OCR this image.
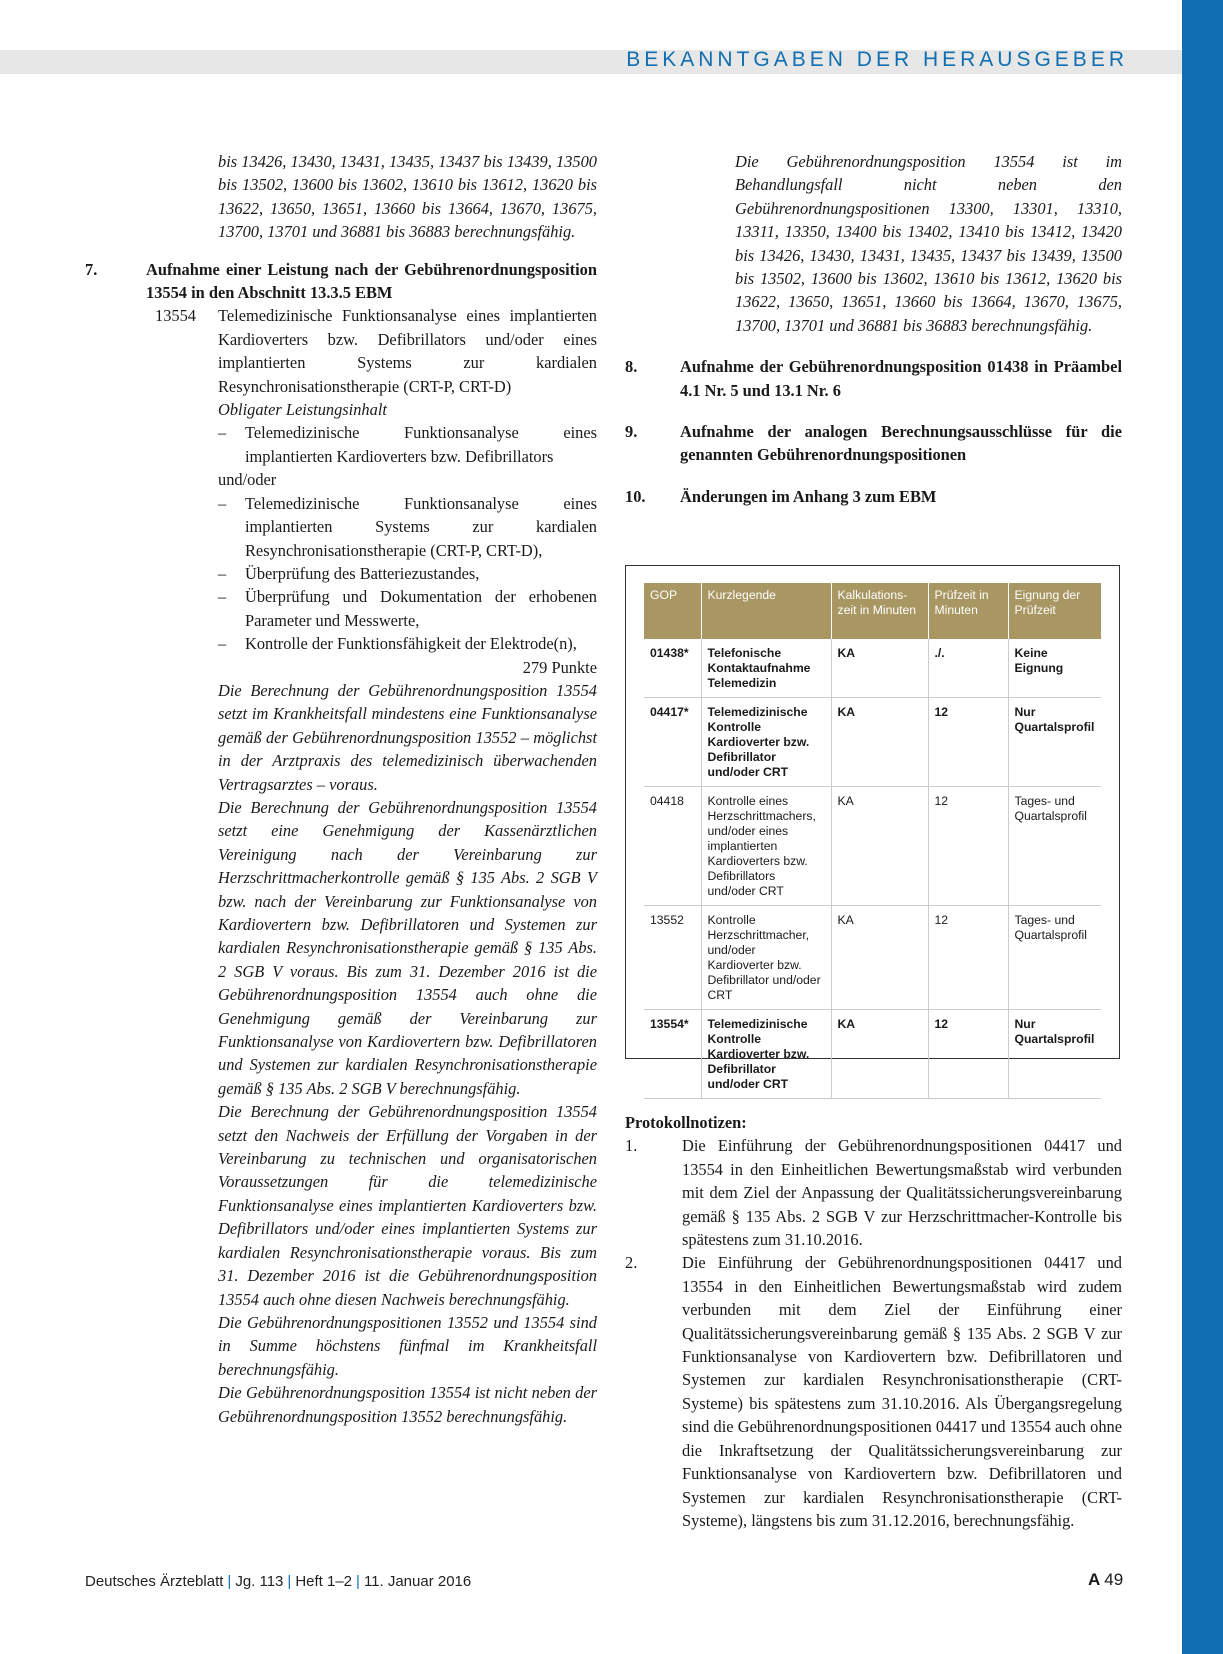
BEKANNTGABEN DER HERAUSGEBER
bis 13426, 13430, 13431, 13435, 13437 bis 13439, 13500 bis 13502, 13600 bis 13602, 13610 bis 13612, 13620 bis 13622, 13650, 13651, 13660 bis 13664, 13670, 13675, 13700, 13701 und 36881 bis 36883 berechnungsfähig.
7.	Aufnahme einer Leistung nach der Gebührenordnungsposition 13554 in den Abschnitt 13.3.5 EBM
13554	Telemedizinische Funktionsanalyse eines implantierten Kardioverters bzw. Defibrillators und/oder eines implantierten Systems zur kardialen Resynchronisationstherapie (CRT-P, CRT-D)
Obligater Leistungsinhalt
–	Telemedizinische Funktionsanalyse eines implantierten Kardioverters bzw. Defibrillators
und/oder
–	Telemedizinische Funktionsanalyse eines implantierten Systems zur kardialen Resynchronisationstherapie (CRT-P, CRT-D),
–	Überprüfung des Batteriezustandes,
–	Überprüfung und Dokumentation der erhobenen Parameter und Messwerte,
–	Kontrolle der Funktionsfähigkeit der Elektrode(n),
279 Punkte
Die Berechnung der Gebührenordnungsposition 13554 setzt im Krankheitsfall mindestens eine Funktionsanalyse gemäß der Gebührenordnungsposition 13552 – möglichst in der Arztpraxis des telemedizinisch überwachenden Vertragsarztes – voraus.
Die Berechnung der Gebührenordnungsposition 13554 setzt eine Genehmigung der Kassenärztlichen Vereinigung nach der Vereinbarung zur Herzschrittmacherkontrolle gemäß § 135 Abs. 2 SGB V bzw. nach der Vereinbarung zur Funktionsanalyse von Kardiovertern bzw. Defibrillatoren und Systemen zur kardialen Resynchronisationstherapie gemäß § 135 Abs. 2 SGB V voraus. Bis zum 31. Dezember 2016 ist die Gebührenordnungsposition 13554 auch ohne die Genehmigung gemäß der Vereinbarung zur Funktionsanalyse von Kardiovertern bzw. Defibrillatoren und Systemen zur kardialen Resynchronisationstherapie gemäß § 135 Abs. 2 SGB V berechnungsfähig.
Die Berechnung der Gebührenordnungsposition 13554 setzt den Nachweis der Erfüllung der Vorgaben in der Vereinbarung zu technischen und organisatorischen Voraussetzungen für die telemedizinische Funktionsanalyse eines implantierten Kardioverters bzw. Defibrillators und/oder eines implantierten Systems zur kardialen Resynchronisationstherapie voraus. Bis zum 31. Dezember 2016 ist die Gebührenordnungsposition 13554 auch ohne diesen Nachweis berechnungsfähig.
Die Gebührenordnungspositionen 13552 und 13554 sind in Summe höchstens fünfmal im Krankheitsfall berechnungsfähig.
Die Gebührenordnungsposition 13554 ist nicht neben der Gebührenordnungsposition 13552 berechnungsfähig.
Die Gebührenordnungsposition 13554 ist im Behandlungsfall nicht neben den Gebührenordnungspositionen 13300, 13301, 13310, 13311, 13350, 13400 bis 13402, 13410 bis 13412, 13420 bis 13426, 13430, 13431, 13435, 13437 bis 13439, 13500 bis 13502, 13600 bis 13602, 13610 bis 13612, 13620 bis 13622, 13650, 13651, 13660 bis 13664, 13670, 13675, 13700, 13701 und 36881 bis 36883 berechnungsfähig.
8.	Aufnahme der Gebührenordnungsposition 01438 in Präambel 4.1 Nr. 5 und 13.1 Nr. 6
9.	Aufnahme der analogen Berechnungsausschlüsse für die genannten Gebührenordnungspositionen
10.	Änderungen im Anhang 3 zum EBM
GOP	Kurzlegende	Kalkulations-zeit in Minuten	Prüfzeit in Minuten	Eignung der Prüfzeit
01438*	Telefonische Kontaktaufnahme Telemedizin	KA	./.	Keine Eignung
04417*	Telemedizinische Kontrolle Kardioverter bzw. Defibrillator und/oder CRT	KA	12	Nur Quartalsprofil
04418	Kontrolle eines Herzschrittmachers, und/oder eines implantierten Kardioverters bzw. Defibrillators und/oder CRT	KA	12	Tages- und Quartalsprofil
13552	Kontrolle Herzschrittmacher, und/oder Kardioverter bzw. Defibrillator und/oder CRT	KA	12	Tages- und Quartalsprofil
13554*	Telemedizinische Kontrolle Kardioverter bzw. Defibrillator und/oder CRT	KA	12	Nur Quartalsprofil
Protokollnotizen:
1.	Die Einführung der Gebührenordnungspositionen 04417 und 13554 in den Einheitlichen Bewertungsmaßstab wird verbunden mit dem Ziel der Anpassung der Qualitätssicherungsvereinbarung gemäß § 135 Abs. 2 SGB V zur Herzschrittmacher-Kontrolle bis spätestens zum 31.10.2016.
2.	Die Einführung der Gebührenordnungspositionen 04417 und 13554 in den Einheitlichen Bewertungsmaßstab wird zudem verbunden mit dem Ziel der Einführung einer Qualitätssicherungsvereinbarung gemäß § 135 Abs. 2 SGB V zur Funktionsanalyse von Kardiovertern bzw. Defibrillatoren und Systemen zur kardialen Resynchronisationstherapie (CRT-Systeme) bis spätestens zum 31.10.2016. Als Übergangsregelung sind die Gebührenordnungspositionen 04417 und 13554 auch ohne die Inkraftsetzung der Qualitätssicherungsvereinbarung zur Funktionsanalyse von Kardiovertern bzw. Defibrillatoren und Systemen zur kardialen Resynchronisationstherapie (CRT-Systeme), längstens bis zum 31.12.2016, berechnungsfähig.
Deutsches Ärzteblatt | Jg. 113 | Heft 1–2 | 11. Januar 2016	A 49
